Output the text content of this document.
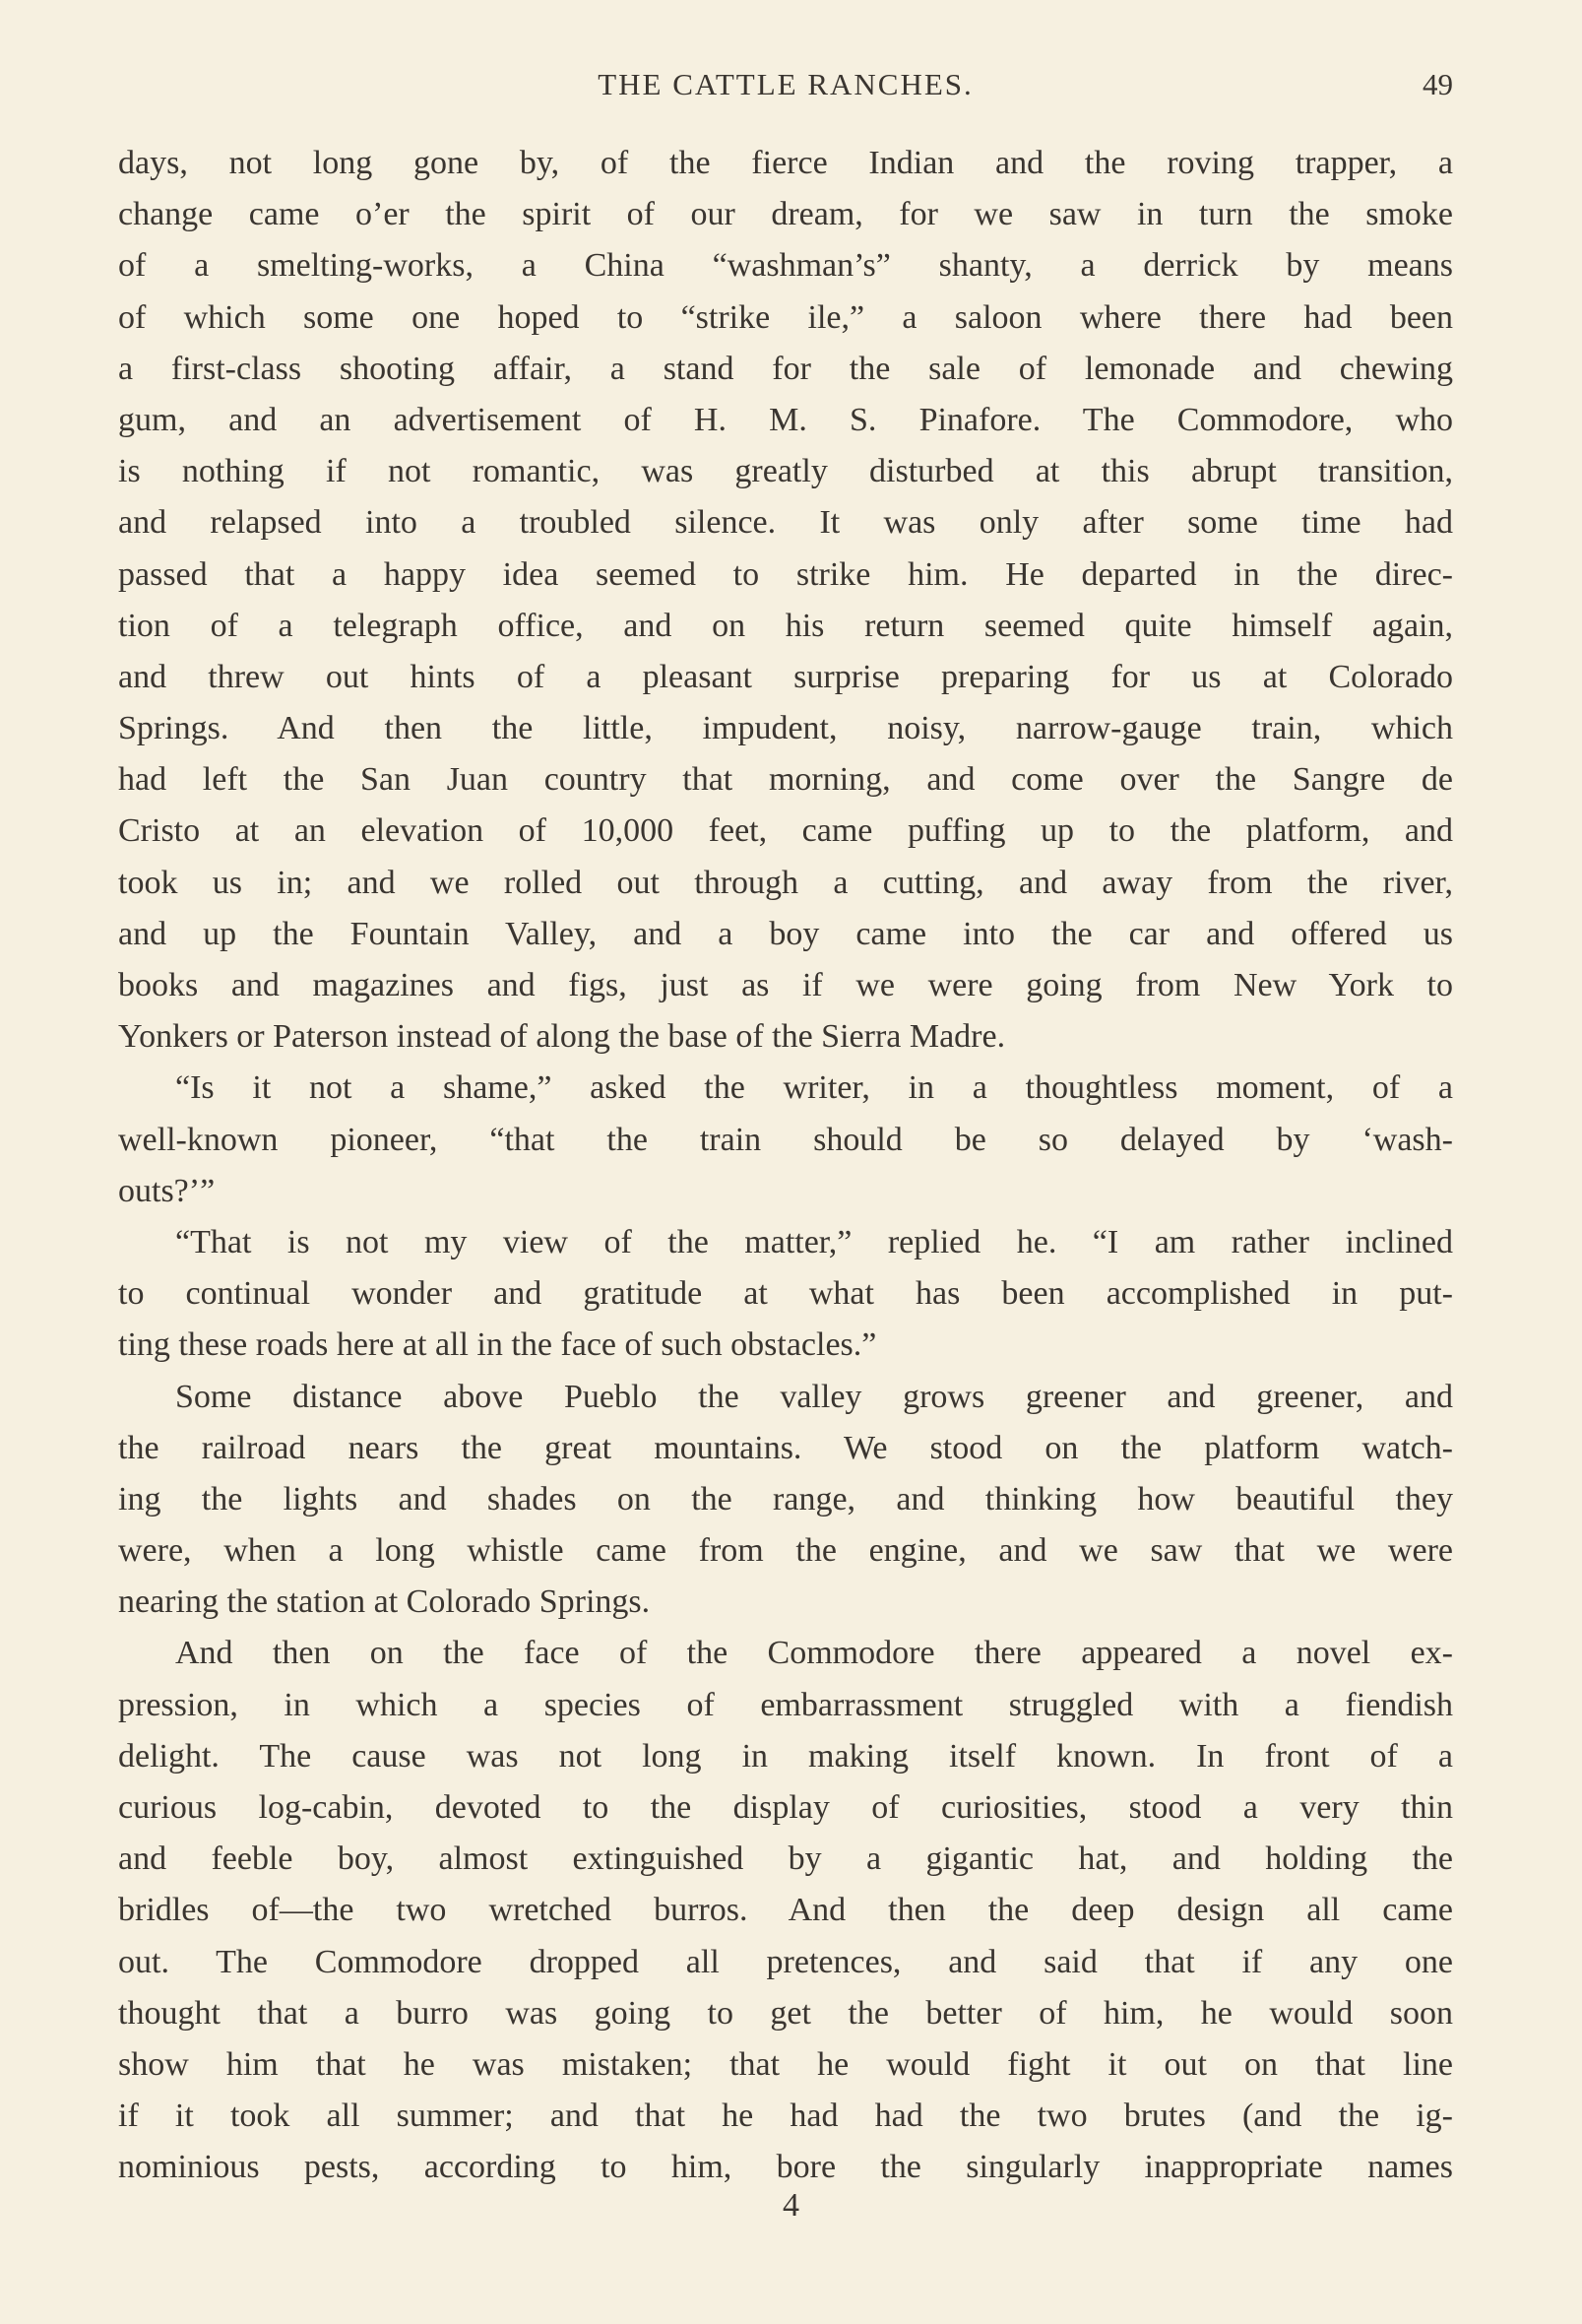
THE CATTLE RANCHES.	49
days, not long gone by, of the fierce Indian and the roving trapper, a
change came o’er the spirit of our dream, for we saw in turn the smoke
of a smelting-works, a China “washman’s” shanty, a derrick by means
of which some one hoped to “strike ile,” a saloon where there had been
a first-class shooting affair, a stand for the sale of lemonade and chewing
gum, and an advertisement of H. M. S. Pinafore. The Commodore, who
is nothing if not romantic, was greatly disturbed at this abrupt transition,
and relapsed into a troubled silence. It was only after some time had
passed that a happy idea seemed to strike him. He departed in the direc-
tion of a telegraph office, and on his return seemed quite himself again,
and threw out hints of a pleasant surprise preparing for us at Colorado
Springs. And then the little, impudent, noisy, narrow-gauge train, which
had left the San Juan country that morning, and come over the Sangre de
Cristo at an elevation of 10,000 feet, came puffing up to the platform, and
took us in; and we rolled out through a cutting, and away from the river,
and up the Fountain Valley, and a boy came into the car and offered us
books and magazines and figs, just as if we were going from New York to
Yonkers or Paterson instead of along the base of the Sierra Madre.
“Is it not a shame,” asked the writer, in a thoughtless moment, of a
well-known pioneer, “that the train should be so delayed by ‘wash-
outs?’”
“That is not my view of the matter,” replied he. “I am rather inclined
to continual wonder and gratitude at what has been accomplished in put-
ting these roads here at all in the face of such obstacles.”
Some distance above Pueblo the valley grows greener and greener, and
the railroad nears the great mountains. We stood on the platform watch-
ing the lights and shades on the range, and thinking how beautiful they
were, when a long whistle came from the engine, and we saw that we were
nearing the station at Colorado Springs.
And then on the face of the Commodore there appeared a novel ex-
pression, in which a species of embarrassment struggled with a fiendish
delight. The cause was not long in making itself known. In front of a
curious log-cabin, devoted to the display of curiosities, stood a very thin
and feeble boy, almost extinguished by a gigantic hat, and holding the
bridles of—the two wretched burros. And then the deep design all came
out. The Commodore dropped all pretences, and said that if any one
thought that a burro was going to get the better of him, he would soon
show him that he was mistaken; that he would fight it out on that line
if it took all summer; and that he had had the two brutes (and the ig-
nominious pests, according to him, bore the singularly inappropriate names
4
